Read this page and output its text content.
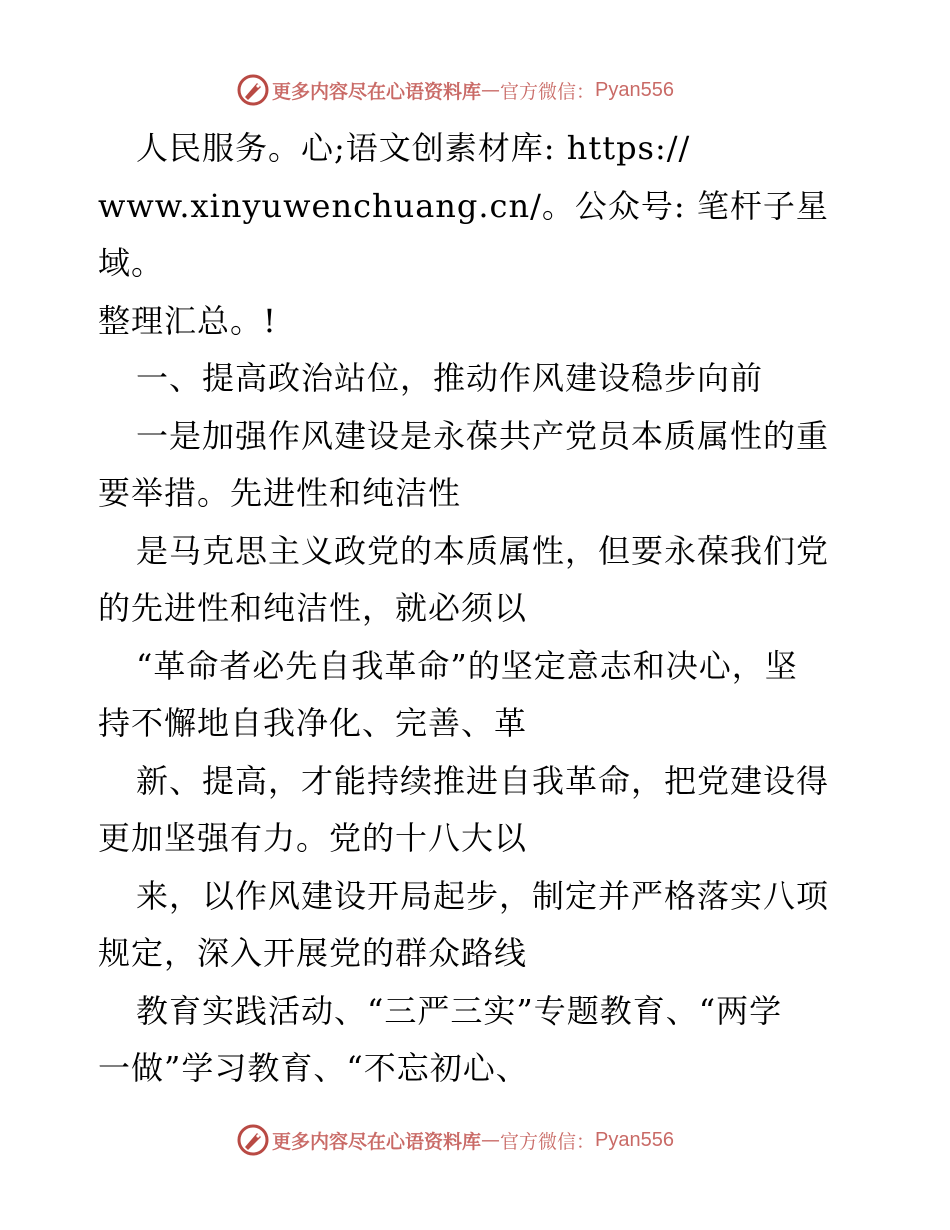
更多内容尽在心语资料库 — 官方微信： Pyan556

人民服务。心;语文创素材库: https://
www.xinyuwenchuang.cn/。公众号: 笔杆子星域。
整理汇总。!

一、提高政治站位，推动作风建设稳步向前

一是加强作风建设是永葆共产党员本质属性的重
要举措。先进性和纯洁性

是马克思主义政党的本质属性，但要永葆我们党
的先进性和纯洁性，就必须以

“革命者必先自我革命”的坚定意志和决心，坚
持不懈地自我净化、完善、革

新、提高，才能持续推进自我革命，把党建设得
更加坚强有力。党的十八大以

来，以作风建设开局起步，制定并严格落实八项
规定，深入开展党的群众路线

教育实践活动、“三严三实”专题教育、“两学
一做”学习教育、“不忘初心、

更多内容尽在心语资料库 — 官方微信： Pyan556
